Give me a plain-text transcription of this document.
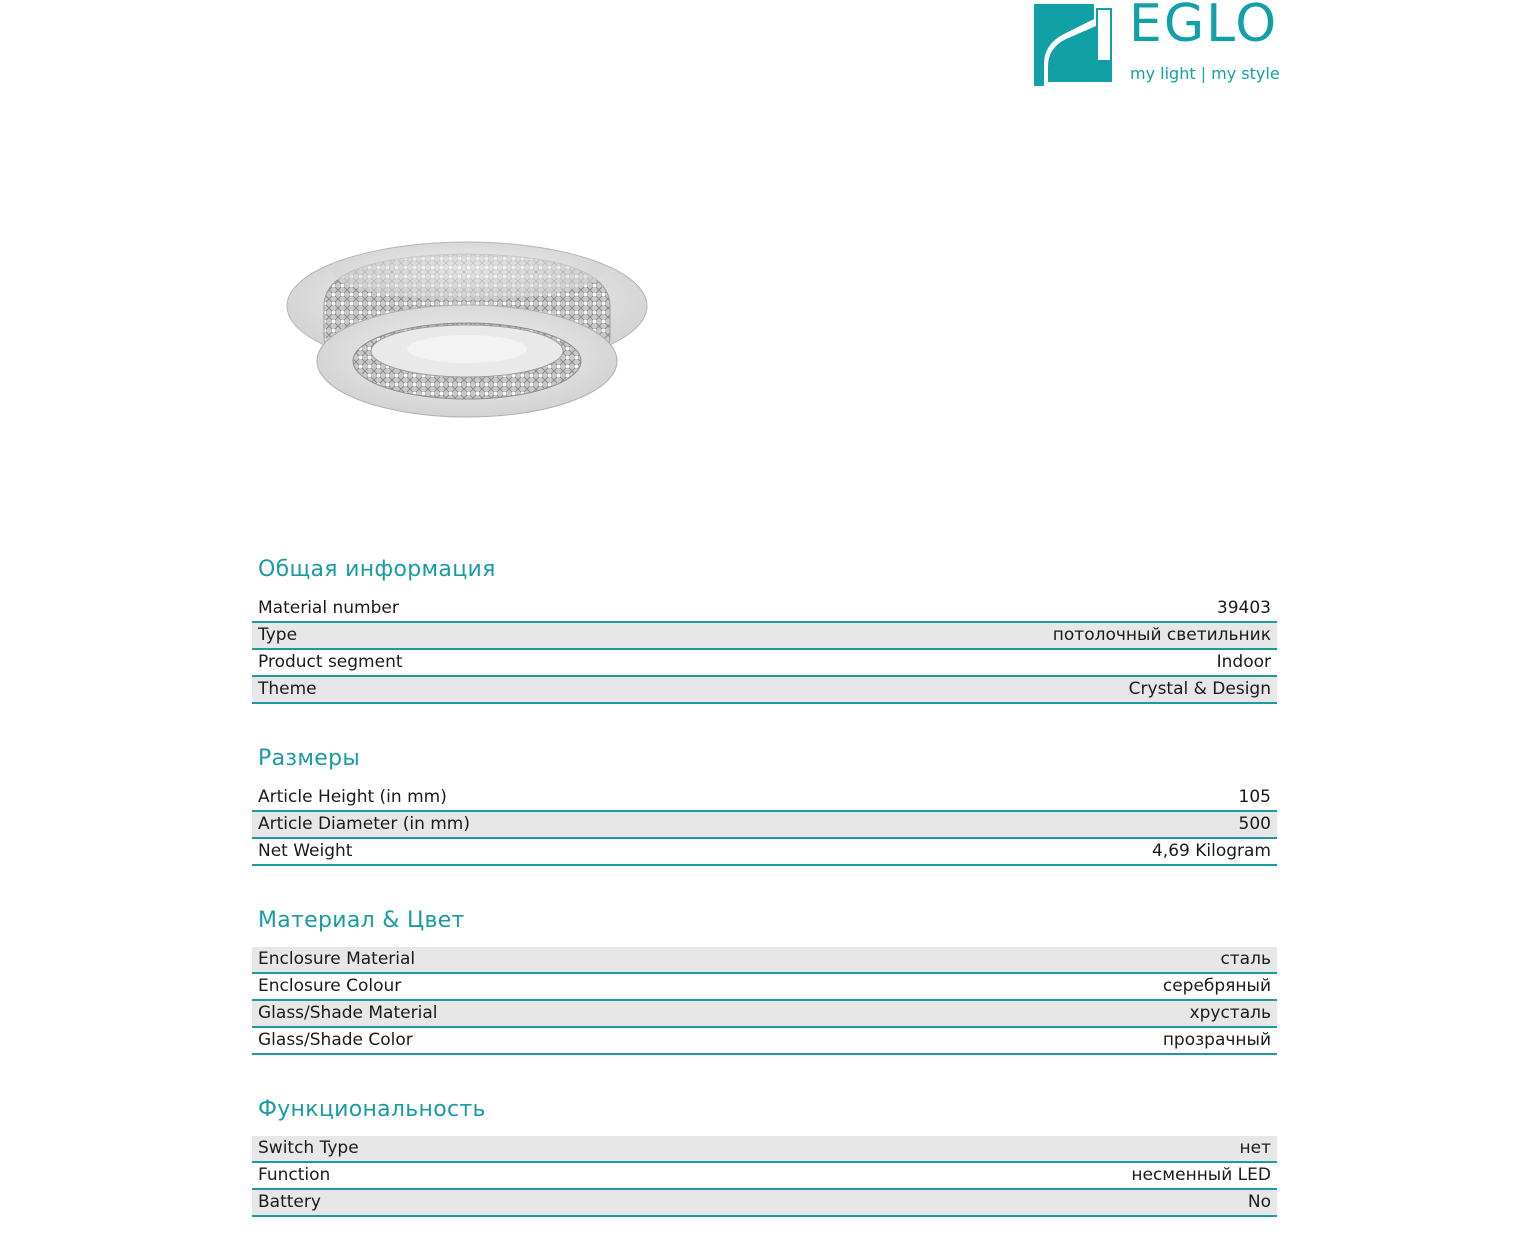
EGLO
my light | my style
Общая информация
Material number	39403
Type	потолочный светильник
Product segment	Indoor
Theme	Crystal & Design
Размеры
Article Height (in mm)	105
Article Diameter (in mm)	500
Net Weight	4,69 Kilogram
Материал & Цвет
Enclosure Material	сталь
Enclosure Colour	серебряный
Glass/Shade Material	хрусталь
Glass/Shade Color	прозрачный
Функциональность
Switch Type	нет
Function	несменный LED
Battery	No
